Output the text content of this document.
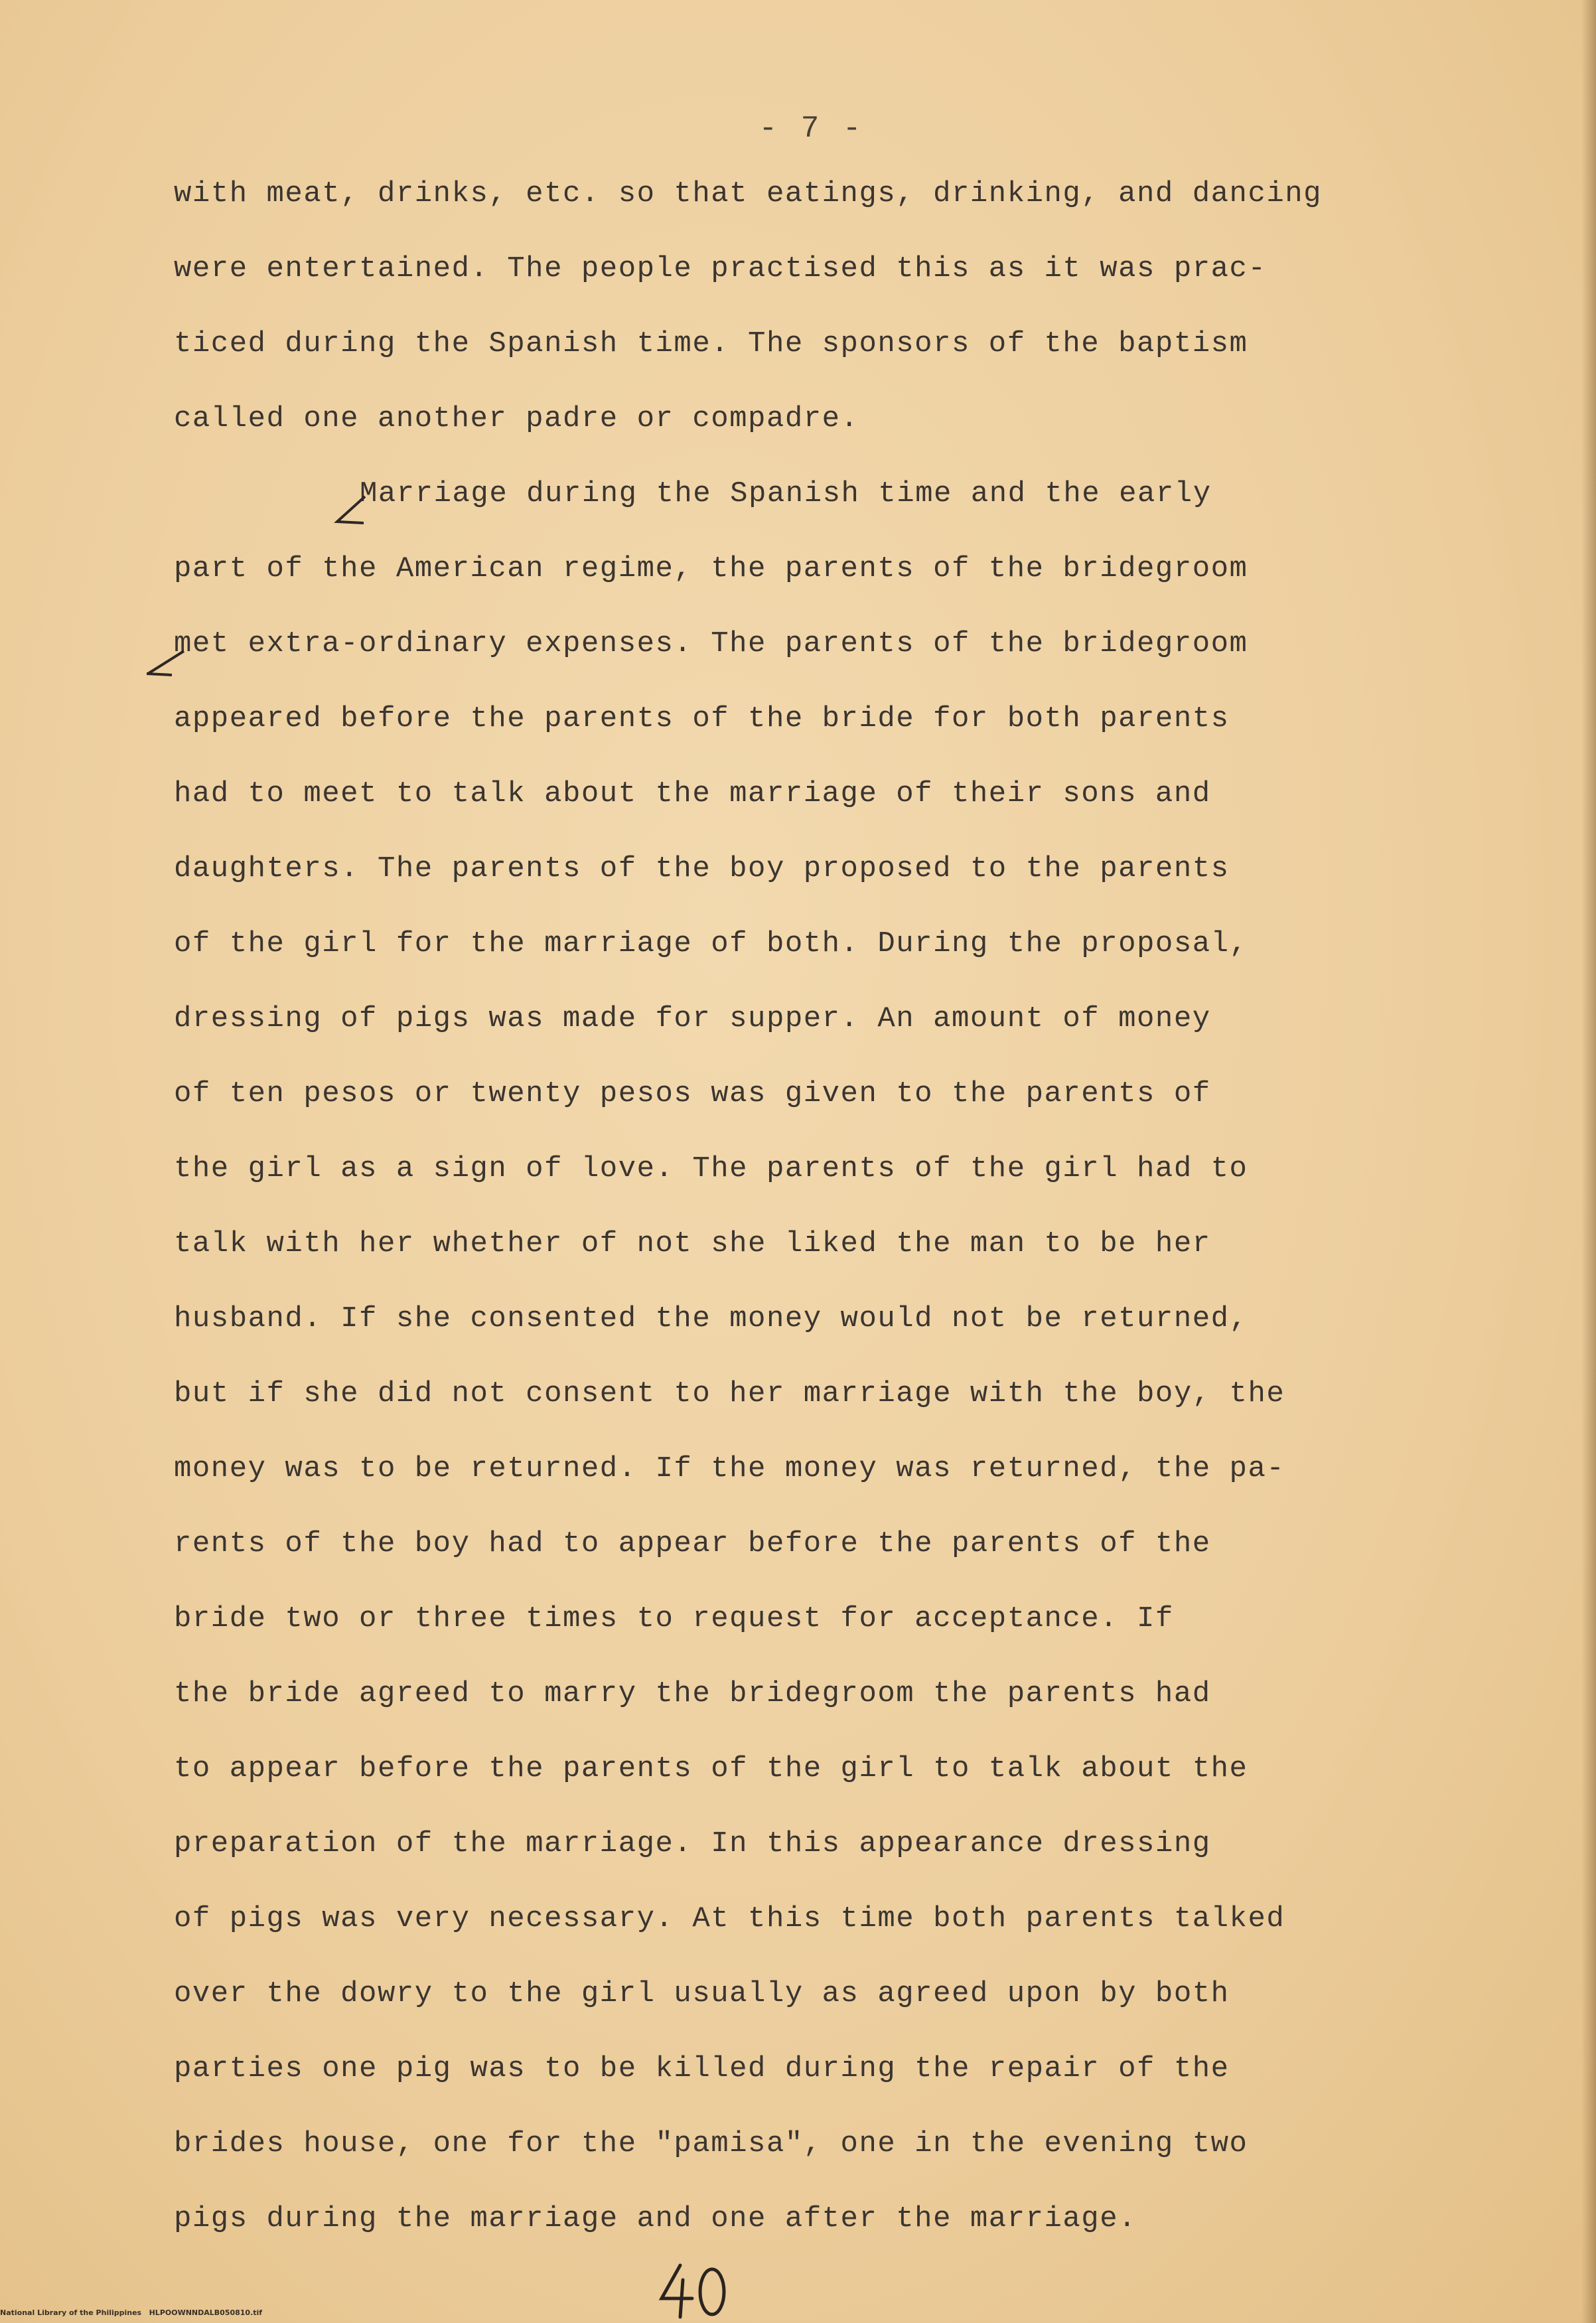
- 7 -
with meat, drinks, etc. so that eatings, drinking, and dancing
were entertained. The people practised this as it was prac-
ticed during the Spanish time. The sponsors of the baptism
called one another padre or compadre.
Marriage during the Spanish time and the early
part of the American regime, the parents of the bridegroom
met extra-ordinary expenses. The parents of the bridegroom
appeared before the parents of the bride for both parents
had to meet to talk about the marriage of their sons and
daughters. The parents of the boy proposed to the parents
of the girl for the marriage of both. During the proposal,
dressing of pigs was made for supper. An amount of money
of ten pesos or twenty pesos was given to the parents of
the girl as a sign of love. The parents of the girl had to
talk with her whether of not she liked the man to be her
husband. If she consented the money would not be returned,
but if she did not consent to her marriage with the boy, the
money was to be returned. If the money was returned, the pa-
rents of the boy had to appear before the parents of the
bride two or three times to request for acceptance. If
the bride agreed to marry the bridegroom the parents had
to appear before the parents of the girl to talk about the
preparation of the marriage. In this appearance dressing
of pigs was very necessary. At this time both parents talked
over the dowry to the girl usually as agreed upon by both
parties one pig was to be killed during the repair of the
brides house, one for the "pamisa", one in the evening two
pigs during the marriage and one after the marriage.
National Library of the Philippines   HLPOOWNNDALB050810.tif
